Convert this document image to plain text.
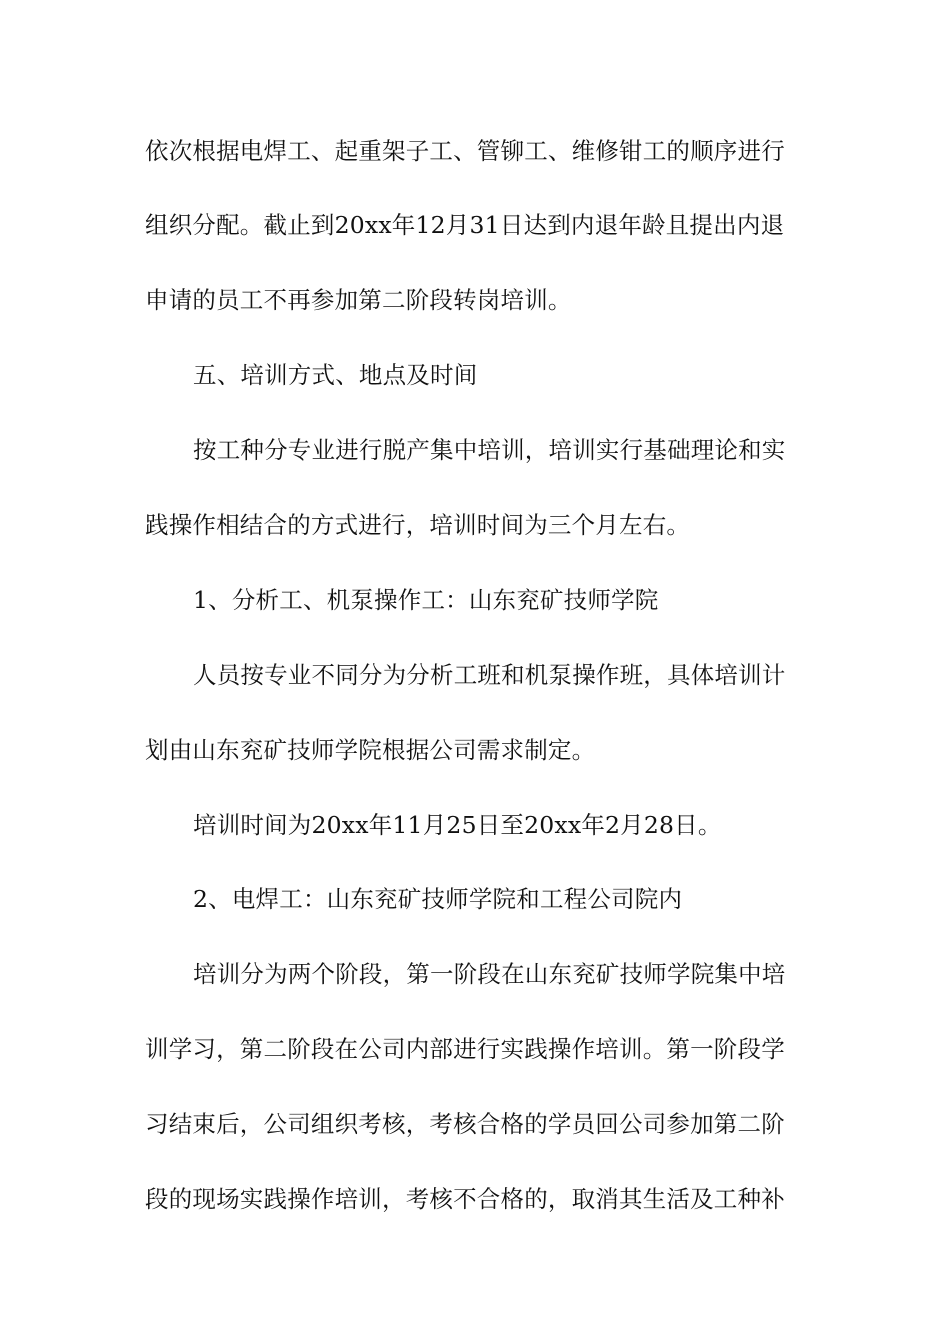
依次根据电焊工、起重架子工、管铆工、维修钳工的顺序进行
组织分配。截止到20xx年12月31日达到内退年龄且提出内退
申请的员工不再参加第二阶段转岗培训。
五、培训方式、地点及时间
按工种分专业进行脱产集中培训，培训实行基础理论和实
践操作相结合的方式进行，培训时间为三个月左右。
1、分析工、机泵操作工：山东兖矿技师学院
人员按专业不同分为分析工班和机泵操作班，具体培训计
划由山东兖矿技师学院根据公司需求制定。
培训时间为20xx年11月25日至20xx年2月28日。
2、电焊工：山东兖矿技师学院和工程公司院内
培训分为两个阶段，第一阶段在山东兖矿技师学院集中培
训学习，第二阶段在公司内部进行实践操作培训。第一阶段学
习结束后，公司组织考核，考核合格的学员回公司参加第二阶
段的现场实践操作培训，考核不合格的，取消其生活及工种补
